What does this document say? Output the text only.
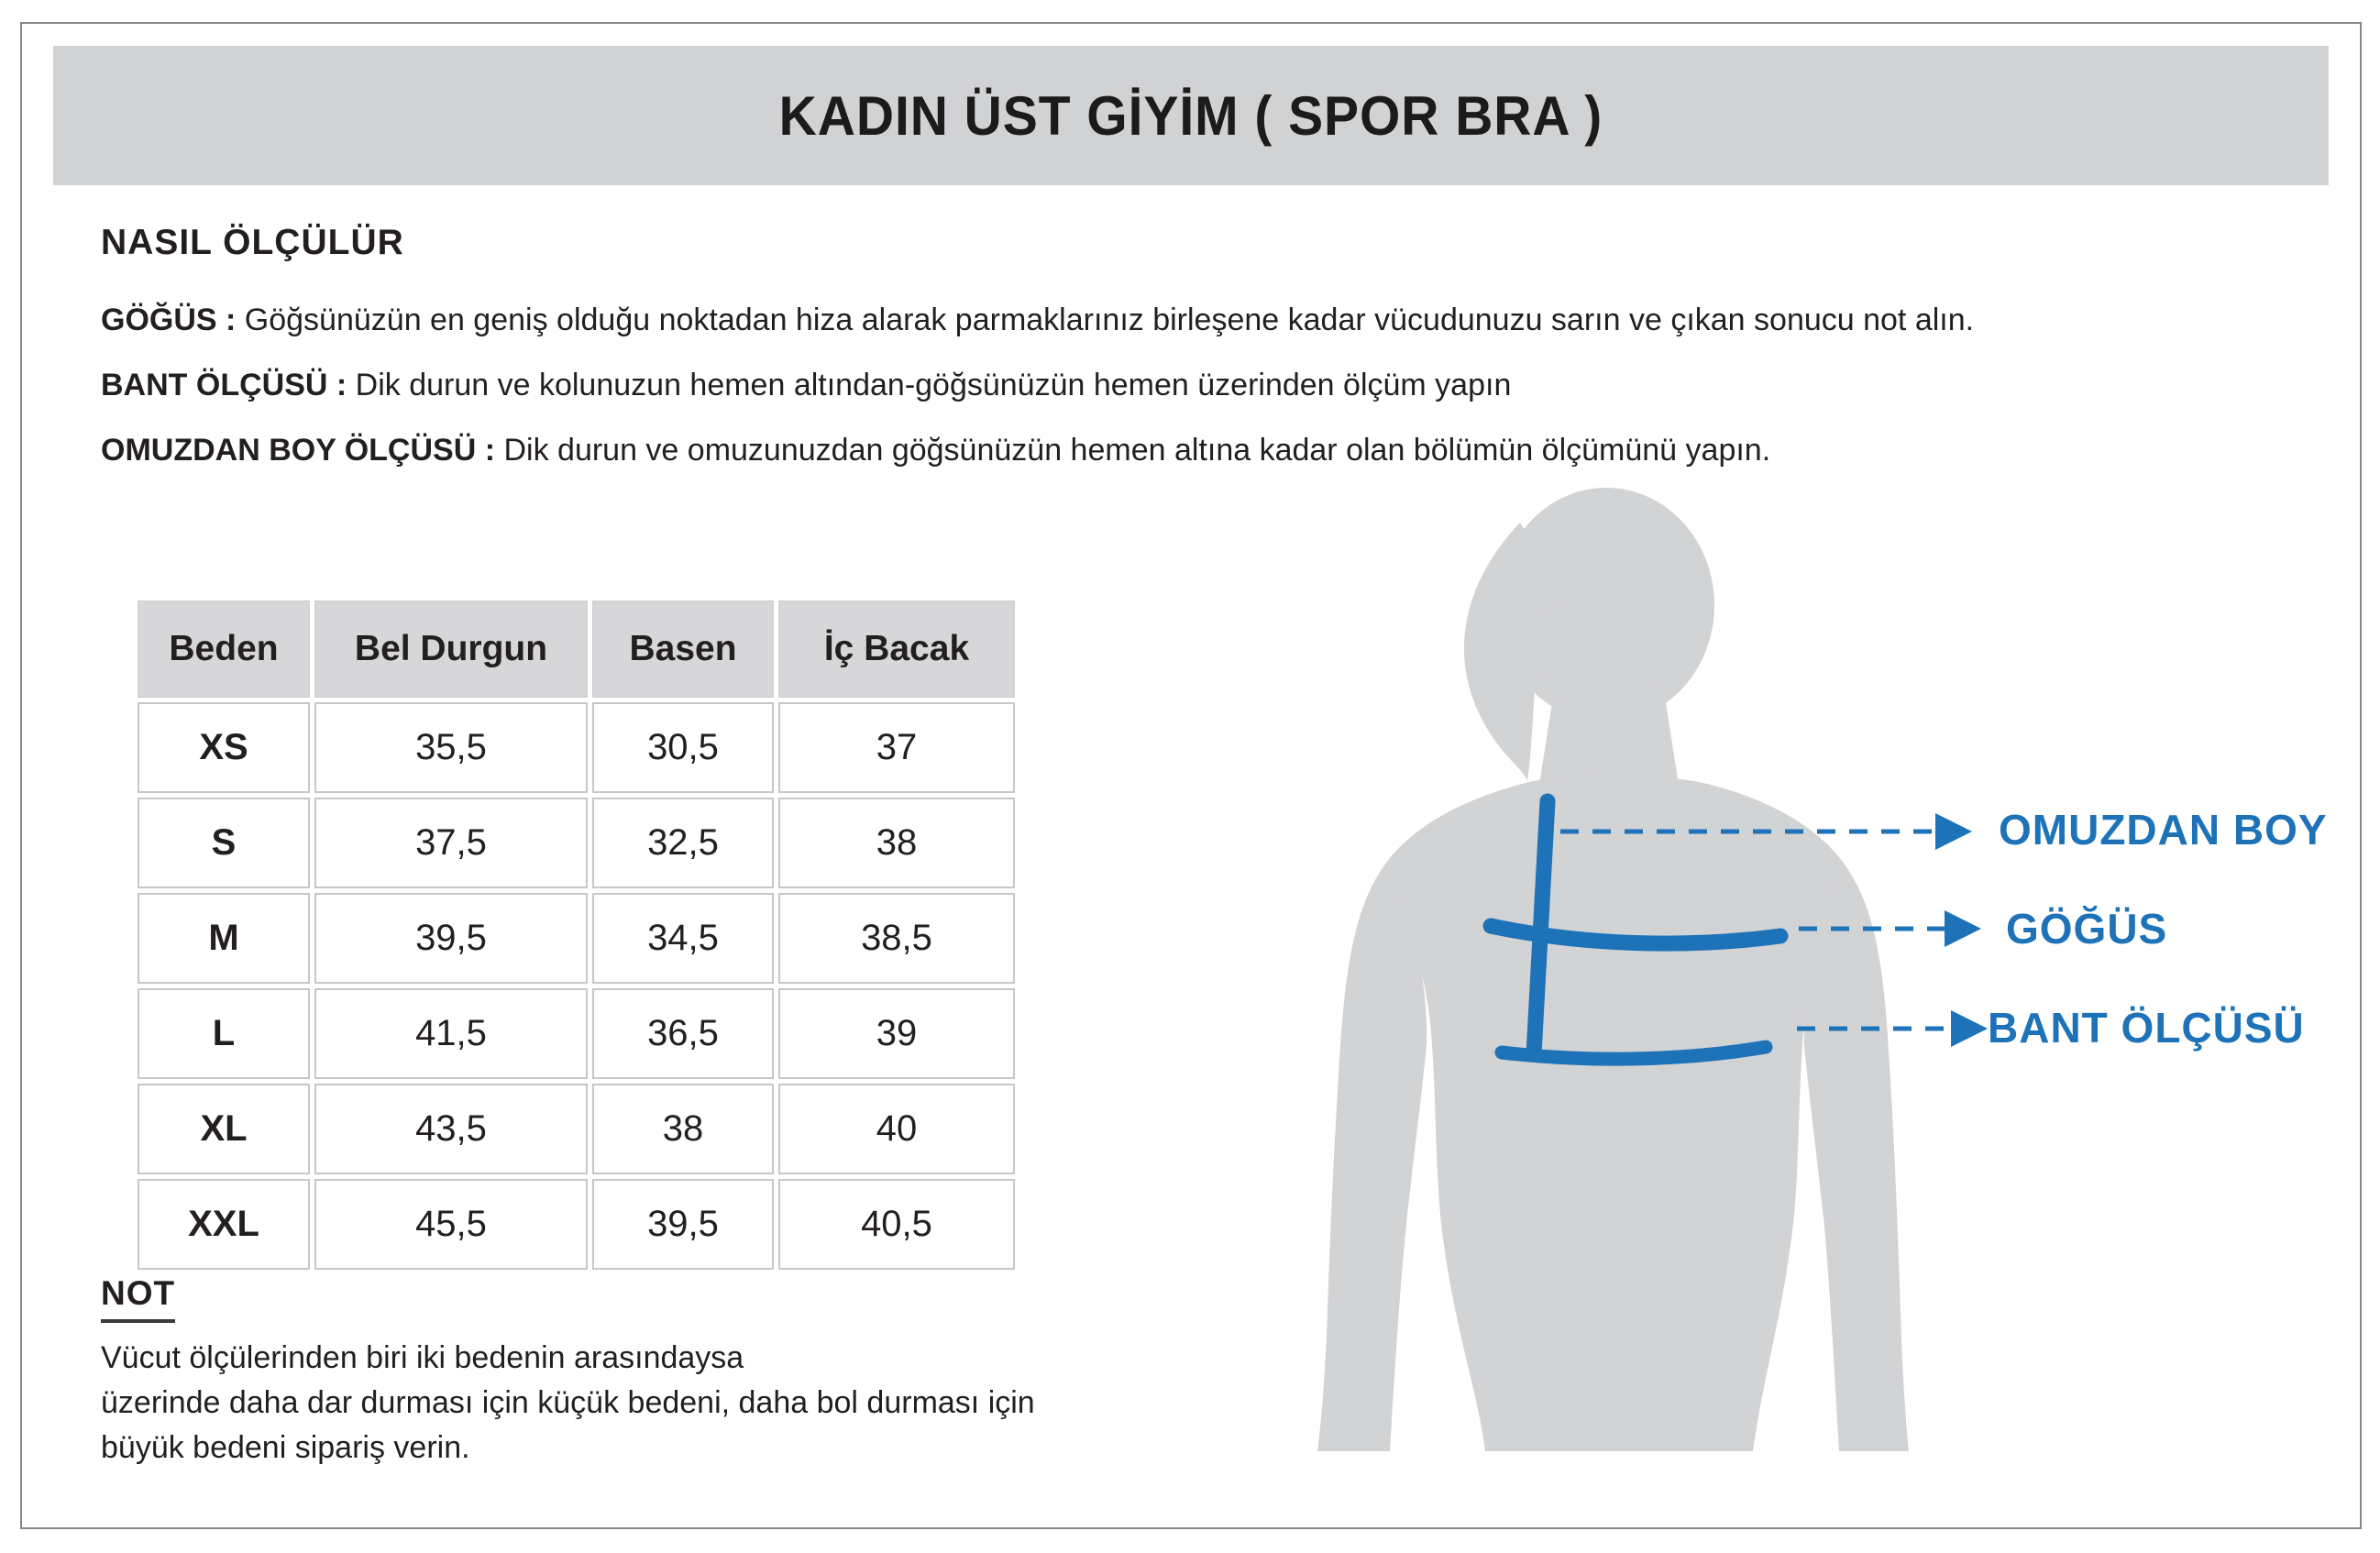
KADIN ÜST GİYİM ( SPOR BRA )
NASIL ÖLÇÜLÜR
GÖĞÜS : Göğsünüzün en geniş olduğu noktadan hiza alarak parmaklarınız birleşene kadar vücudunuzu sarın ve çıkan sonucu not alın.
BANT ÖLÇÜSÜ : Dik durun ve kolunuzun hemen altından-göğsünüzün hemen üzerinden ölçüm yapın
OMUZDAN BOY ÖLÇÜSÜ : Dik durun ve omuzunuzdan göğsünüzün hemen altına kadar olan bölümün ölçümünü yapın.
Beden	Bel Durgun	Basen	İç Bacak
XS	35,5	30,5	37
S	37,5	32,5	38
M	39,5	34,5	38,5
L	41,5	36,5	39
XL	43,5	38	40
XXL	45,5	39,5	40,5
NOT
Vücut ölçülerinden biri iki bedenin arasındaysa
üzerinde daha dar durması için küçük bedeni, daha bol durması için
büyük bedeni sipariş verin.
OMUZDAN BOY
GÖĞÜS
BANT ÖLÇÜSÜ
